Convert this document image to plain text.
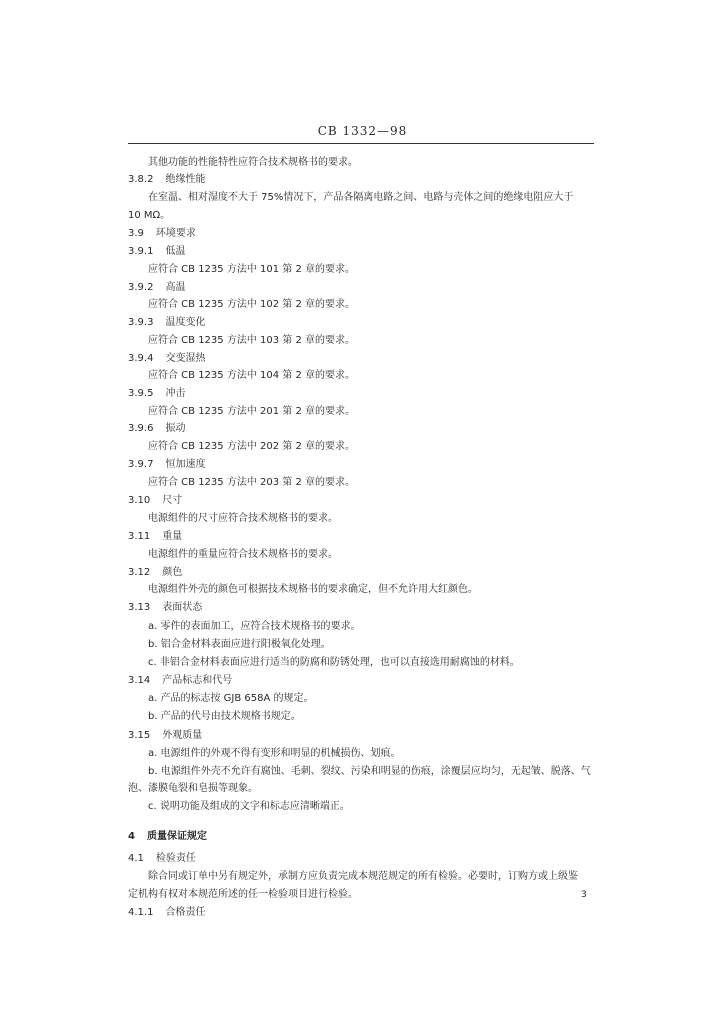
CB 1332—98
其他功能的性能特性应符合技术规格书的要求。
3.8.2 绝缘性能
在室温、相对湿度不大于 75%情况下，产品各隔离电路之间、电路与壳体之间的绝缘电阻应大于
10 MΩ。
3.9 环境要求
3.9.1 低温
应符合 CB 1235 方法中 101 第 2 章的要求。
3.9.2 高温
应符合 CB 1235 方法中 102 第 2 章的要求。
3.9.3 温度变化
应符合 CB 1235 方法中 103 第 2 章的要求。
3.9.4 交变湿热
应符合 CB 1235 方法中 104 第 2 章的要求。
3.9.5 冲击
应符合 CB 1235 方法中 201 第 2 章的要求。
3.9.6 振动
应符合 CB 1235 方法中 202 第 2 章的要求。
3.9.7 恒加速度
应符合 CB 1235 方法中 203 第 2 章的要求。
3.10 尺寸
电源组件的尺寸应符合技术规格书的要求。
3.11 重量
电源组件的重量应符合技术规格书的要求。
3.12 颜色
电源组件外壳的颜色可根据技术规格书的要求确定，但不允许用大红颜色。
3.13 表面状态
a. 零件的表面加工，应符合技术规格书的要求。
b. 铝合金材料表面应进行阳极氧化处理。
c. 非铝合金材料表面应进行适当的防腐和防锈处理，也可以直接选用耐腐蚀的材料。
3.14 产品标志和代号
a. 产品的标志按 GJB 658A 的规定。
b. 产品的代号由技术规格书规定。
3.15 外观质量
a. 电源组件的外观不得有变形和明显的机械损伤、划痕。
b. 电源组件外壳不允许有腐蚀、毛刺、裂纹、污染和明显的伤痕，涂覆层应均匀，无起皱、脱落、气
泡、漆膜龟裂和皂损等现象。
c. 说明功能及组成的文字和标志应清晰端正。
4 质量保证规定
4.1 检验责任
除合同或订单中另有规定外，承制方应负责完成本规范规定的所有检验。必要时，订购方或上级鉴
定机构有权对本规范所述的任一检验项目进行检验。
4.1.1 合格责任
3
